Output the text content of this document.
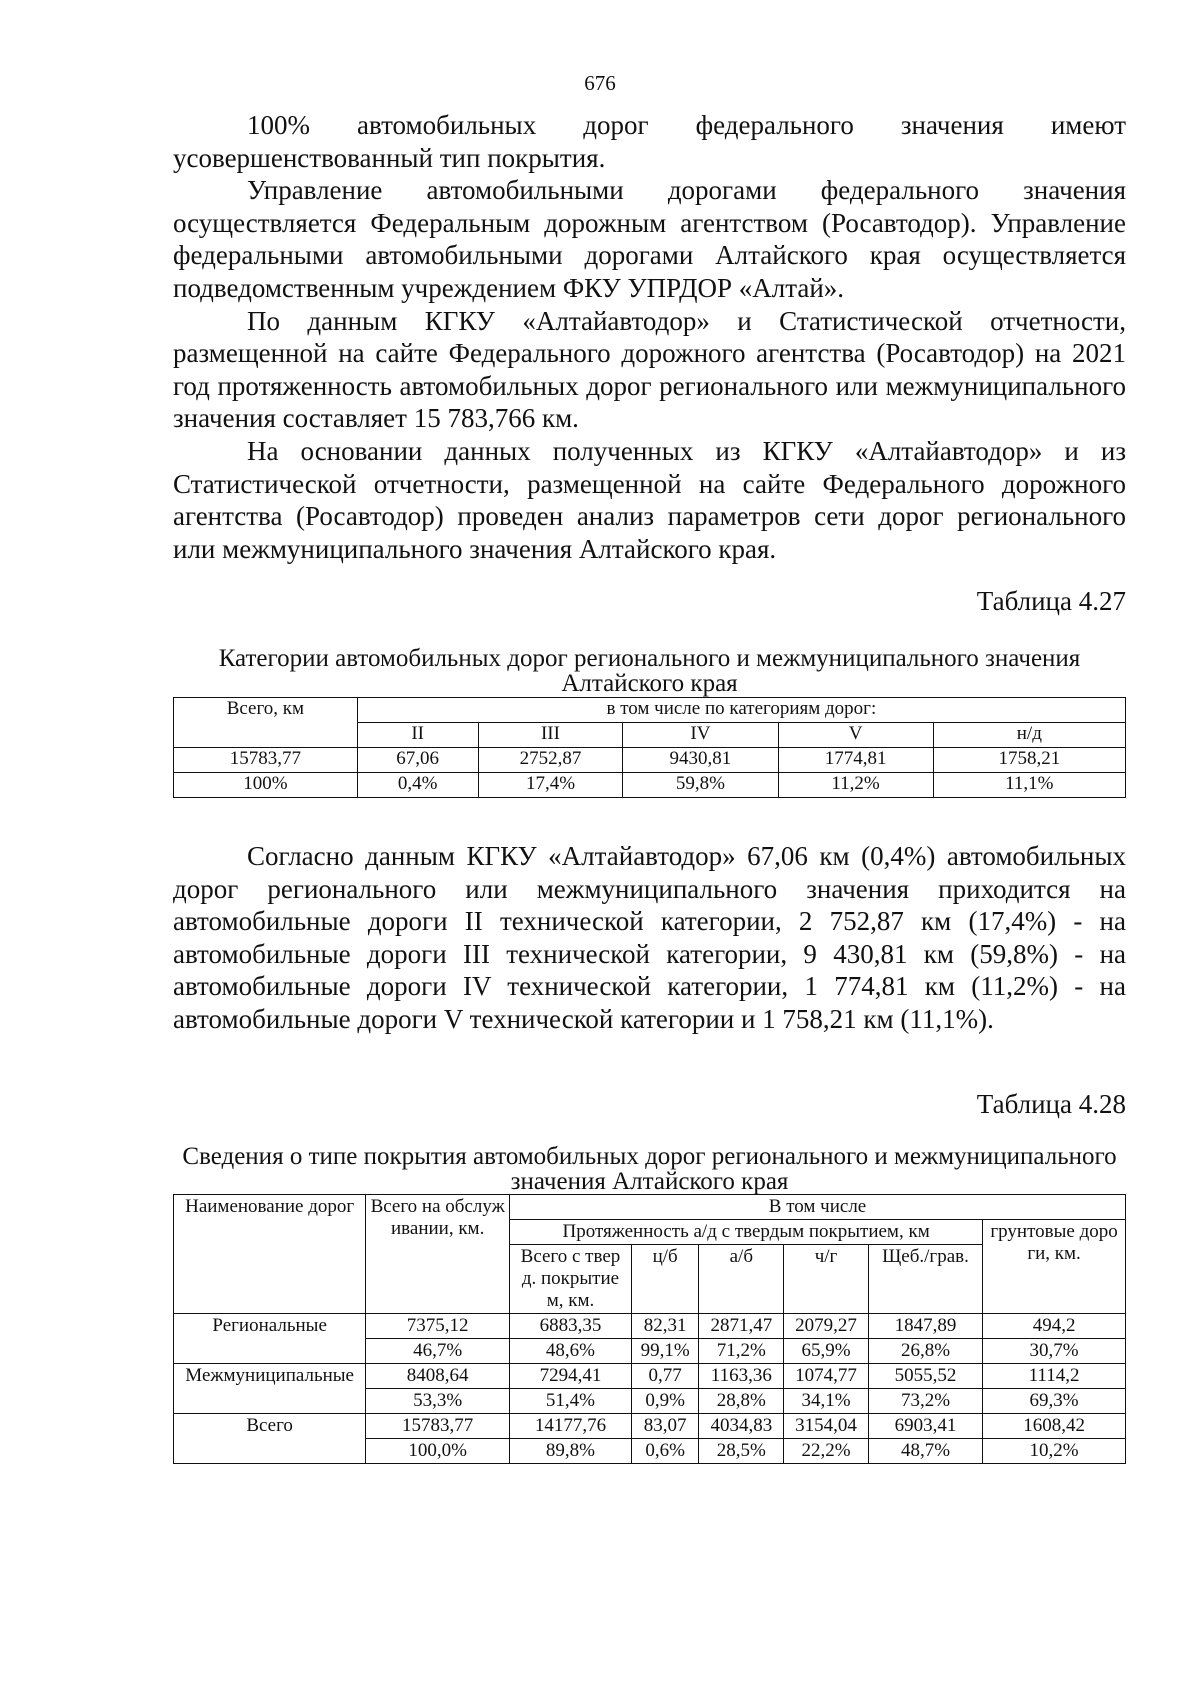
676

100% автомобильных дорог федерального значения имеют усовершенствованный тип покрытия.

Управление автомобильными дорогами федерального значения осуществляется Федеральным дорожным агентством (Росавтодор). Управление федеральными автомобильными дорогами Алтайского края осуществляется подведомственным учреждением ФКУ УПРДОР «Алтай».

По данным КГКУ «Алтайавтодор» и Статистической отчетности, размещенной на сайте Федерального дорожного агентства (Росавтодор) на 2021 год протяженность автомобильных дорог регионального или межмуниципального значения составляет 15 783,766 км.

На основании данных полученных из КГКУ «Алтайавтодор» и из Статистической отчетности, размещенной на сайте Федерального дорожного агентства (Росавтодор) проведен анализ параметров сети дорог регионального или межмуниципального значения Алтайского края.

Таблица 4.27
Категории автомобильных дорог регионального и межмуниципального значения Алтайского края
Всего, км	в том числе по категориям дорог:				
	II	III	IV	V	н/д
15783,77	67,06	2752,87	9430,81	1774,81	1758,21
100%	0,4%	17,4%	59,8%	11,2%	11,1%

Согласно данным КГКУ «Алтайавтодор» 67,06 км (0,4%) автомобильных дорог регионального или межмуниципального значения приходится на автомобильные дороги II технической категории, 2 752,87 км (17,4%) - на автомобильные дороги III технической категории, 9 430,81 км (59,8%) - на автомобильные дороги IV технической категории, 1 774,81 км (11,2%) - на автомобильные дороги V технической категории и 1 758,21 км (11,1%).

Таблица 4.28
Сведения о типе покрытия автомобильных дорог регионального и межмуниципального значения Алтайского края
Наименование дорог	Всего на обслуживании, км.	В том числе					
		Протяженность а/д с твердым покрытием, км					грунтовые дороги, км.
		Всего с тверд. покрытием, км.	ц/б	а/б	ч/г	Щеб./грав.	
Региональные	7375,12	6883,35	82,31	2871,47	2079,27	1847,89	494,2
	46,7%	48,6%	99,1%	71,2%	65,9%	26,8%	30,7%
Межмуниципальные	8408,64	7294,41	0,77	1163,36	1074,77	5055,52	1114,2
	53,3%	51,4%	0,9%	28,8%	34,1%	73,2%	69,3%
Всего	15783,77	14177,76	83,07	4034,83	3154,04	6903,41	1608,42
	100,0%	89,8%	0,6%	28,5%	22,2%	48,7%	10,2%
